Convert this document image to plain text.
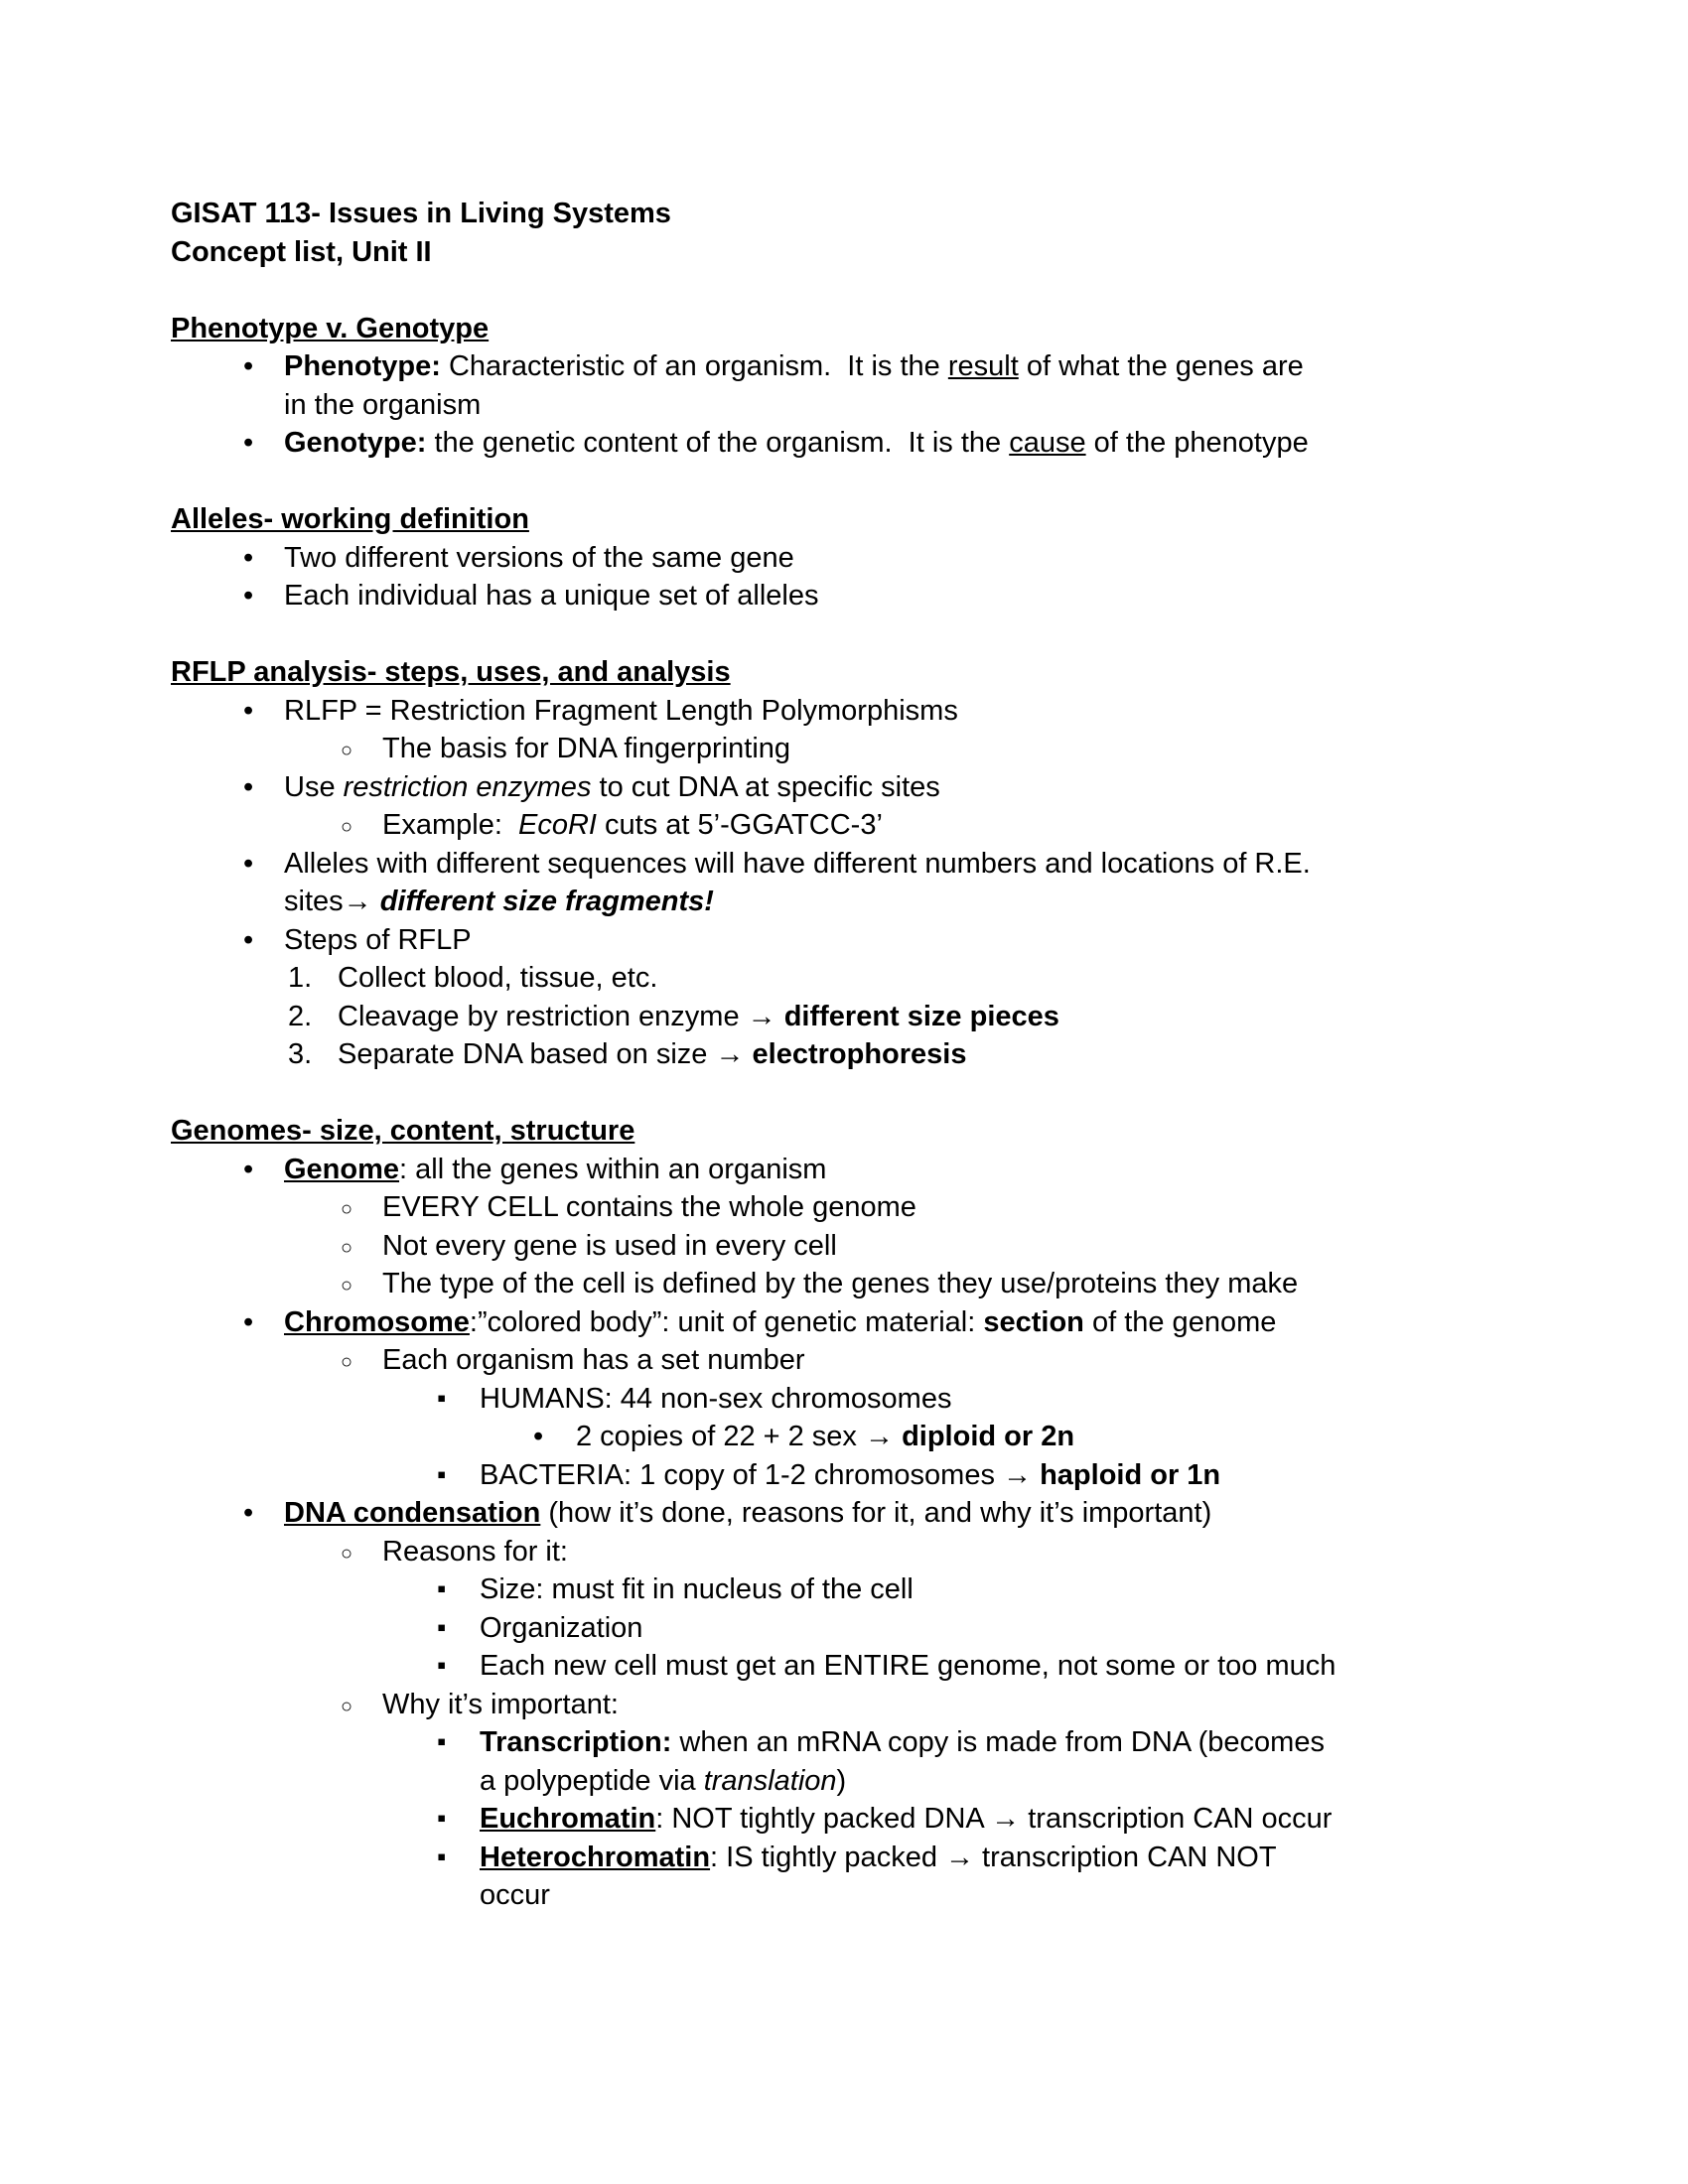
GISAT 113- Issues in Living Systems
Concept list, Unit II
Phenotype v. Genotype
• Phenotype: Characteristic of an organism.  It is the result of what the genes are
in the organism
• Genotype: the genetic content of the organism.  It is the cause of the phenotype
Alleles- working definition
• Two different versions of the same gene
• Each individual has a unique set of alleles
RFLP analysis- steps, uses, and analysis
• RLFP = Restriction Fragment Length Polymorphisms
○ The basis for DNA fingerprinting
• Use restriction enzymes to cut DNA at specific sites
○ Example:  EcoRI cuts at 5’-GGATCC-3’
• Alleles with different sequences will have different numbers and locations of R.E.
sites→ different size fragments!
• Steps of RFLP
1. Collect blood, tissue, etc.
2. Cleavage by restriction enzyme → different size pieces
3. Separate DNA based on size → electrophoresis
Genomes- size, content, structure
• Genome: all the genes within an organism
○ EVERY CELL contains the whole genome
○ Not every gene is used in every cell
○ The type of the cell is defined by the genes they use/proteins they make
• Chromosome:”colored body”: unit of genetic material: section of the genome
○ Each organism has a set number
▪ HUMANS: 44 non-sex chromosomes
• 2 copies of 22 + 2 sex → diploid or 2n
▪ BACTERIA: 1 copy of 1-2 chromosomes → haploid or 1n
• DNA condensation (how it’s done, reasons for it, and why it’s important)
○ Reasons for it:
▪ Size: must fit in nucleus of the cell
▪ Organization
▪ Each new cell must get an ENTIRE genome, not some or too much
○ Why it’s important:
▪ Transcription: when an mRNA copy is made from DNA (becomes
a polypeptide via translation)
▪ Euchromatin: NOT tightly packed DNA → transcription CAN occur
▪ Heterochromatin: IS tightly packed → transcription CAN NOT
occur
